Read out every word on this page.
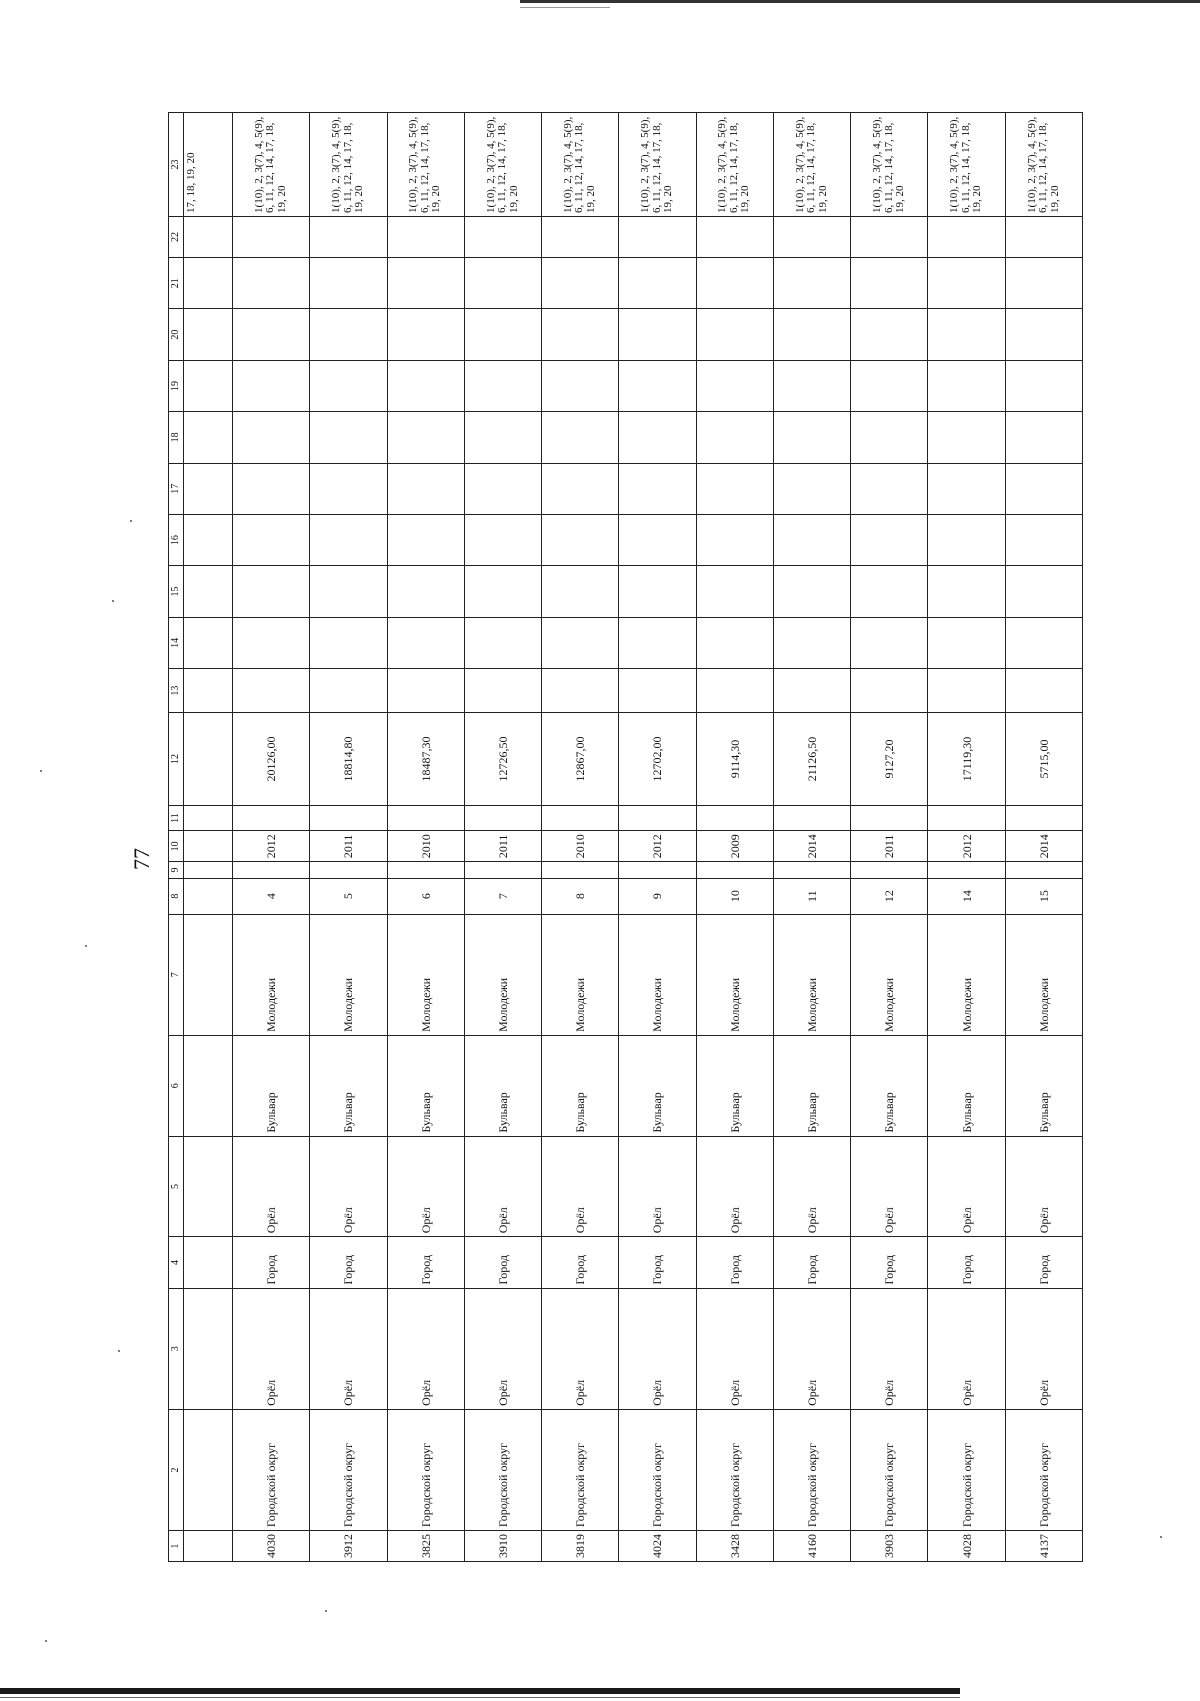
77
1	2	3	4	5	6	7	8	9	10	11	12	13	14	15	16	17	18	19	20	21	22	23
																						17, 18, 19, 20
4030	Городской округ	Орёл	Город	Орёл	Бульвар	Молодежи	4		2012		20126,00											1(10), 2, 3(7), 4, 5(9), 6, 11, 12, 14, 17, 18, 19, 20
3912	Городской округ	Орёл	Город	Орёл	Бульвар	Молодежи	5		2011		18814,80											1(10), 2, 3(7), 4, 5(9), 6, 11, 12, 14, 17, 18, 19, 20
3825	Городской округ	Орёл	Город	Орёл	Бульвар	Молодежи	6		2010		18487,30											1(10), 2, 3(7), 4, 5(9), 6, 11, 12, 14, 17, 18, 19, 20
3910	Городской округ	Орёл	Город	Орёл	Бульвар	Молодежи	7		2011		12726,50											1(10), 2, 3(7), 4, 5(9), 6, 11, 12, 14, 17, 18, 19, 20
3819	Городской округ	Орёл	Город	Орёл	Бульвар	Молодежи	8		2010		12867,00											1(10), 2, 3(7), 4, 5(9), 6, 11, 12, 14, 17, 18, 19, 20
4024	Городской округ	Орёл	Город	Орёл	Бульвар	Молодежи	9		2012		12702,00											1(10), 2, 3(7), 4, 5(9), 6, 11, 12, 14, 17, 18, 19, 20
3428	Городской округ	Орёл	Город	Орёл	Бульвар	Молодежи	10		2009		9114,30											1(10), 2, 3(7), 4, 5(9), 6, 11, 12, 14, 17, 18, 19, 20
4160	Городской округ	Орёл	Город	Орёл	Бульвар	Молодежи	11		2014		21126,50											1(10), 2, 3(7), 4, 5(9), 6, 11, 12, 14, 17, 18, 19, 20
3903	Городской округ	Орёл	Город	Орёл	Бульвар	Молодежи	12		2011		9127,20											1(10), 2, 3(7), 4, 5(9), 6, 11, 12, 14, 17, 18, 19, 20
4028	Городской округ	Орёл	Город	Орёл	Бульвар	Молодежи	14		2012		17119,30											1(10), 2, 3(7), 4, 5(9), 6, 11, 12, 14, 17, 18, 19, 20
4137	Городской округ	Орёл	Город	Орёл	Бульвар	Молодежи	15		2014		5715,00											1(10), 2, 3(7), 4, 5(9), 6, 11, 12, 14, 17, 18, 19, 20
